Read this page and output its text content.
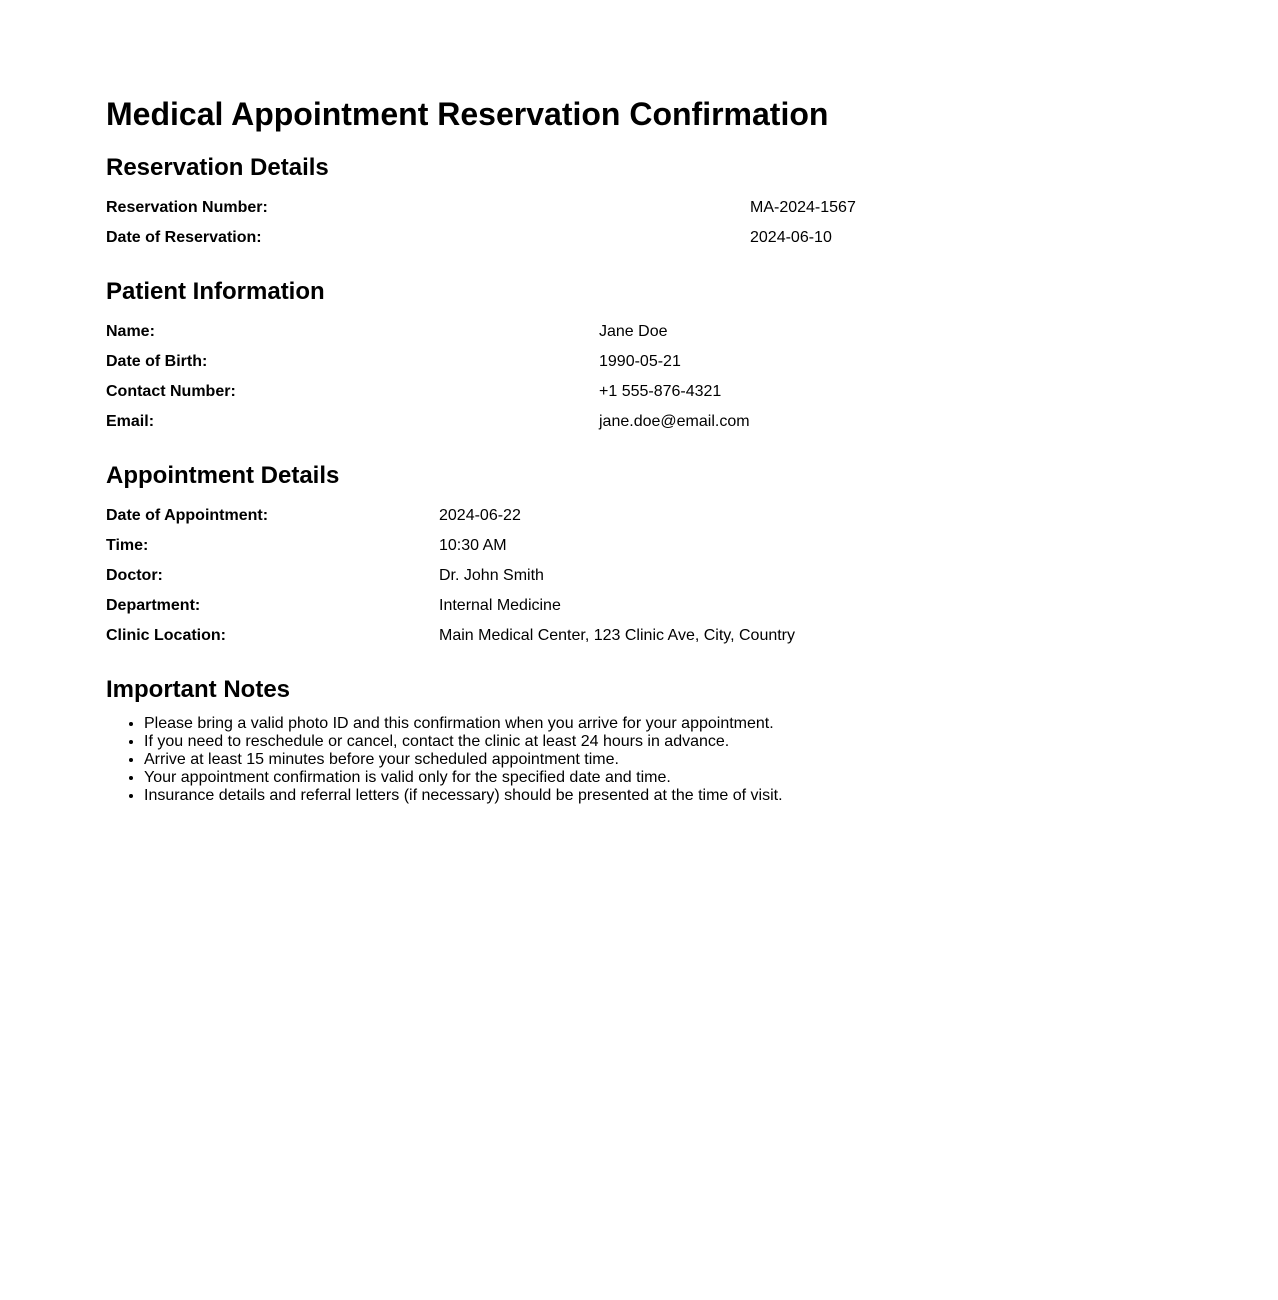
Medical Appointment Reservation Confirmation
Reservation Details
Reservation Number:	MA-2024-1567
Date of Reservation:	2024-06-10
Patient Information
Name:	Jane Doe
Date of Birth:	1990-05-21
Contact Number:	+1 555-876-4321
Email:	jane.doe@email.com
Appointment Details
Date of Appointment:	2024-06-22
Time:	10:30 AM
Doctor:	Dr. John Smith
Department:	Internal Medicine
Clinic Location:	Main Medical Center, 123 Clinic Ave, City, Country
Important Notes
• Please bring a valid photo ID and this confirmation when you arrive for your appointment.
• If you need to reschedule or cancel, contact the clinic at least 24 hours in advance.
• Arrive at least 15 minutes before your scheduled appointment time.
• Your appointment confirmation is valid only for the specified date and time.
• Insurance details and referral letters (if necessary) should be presented at the time of visit.
